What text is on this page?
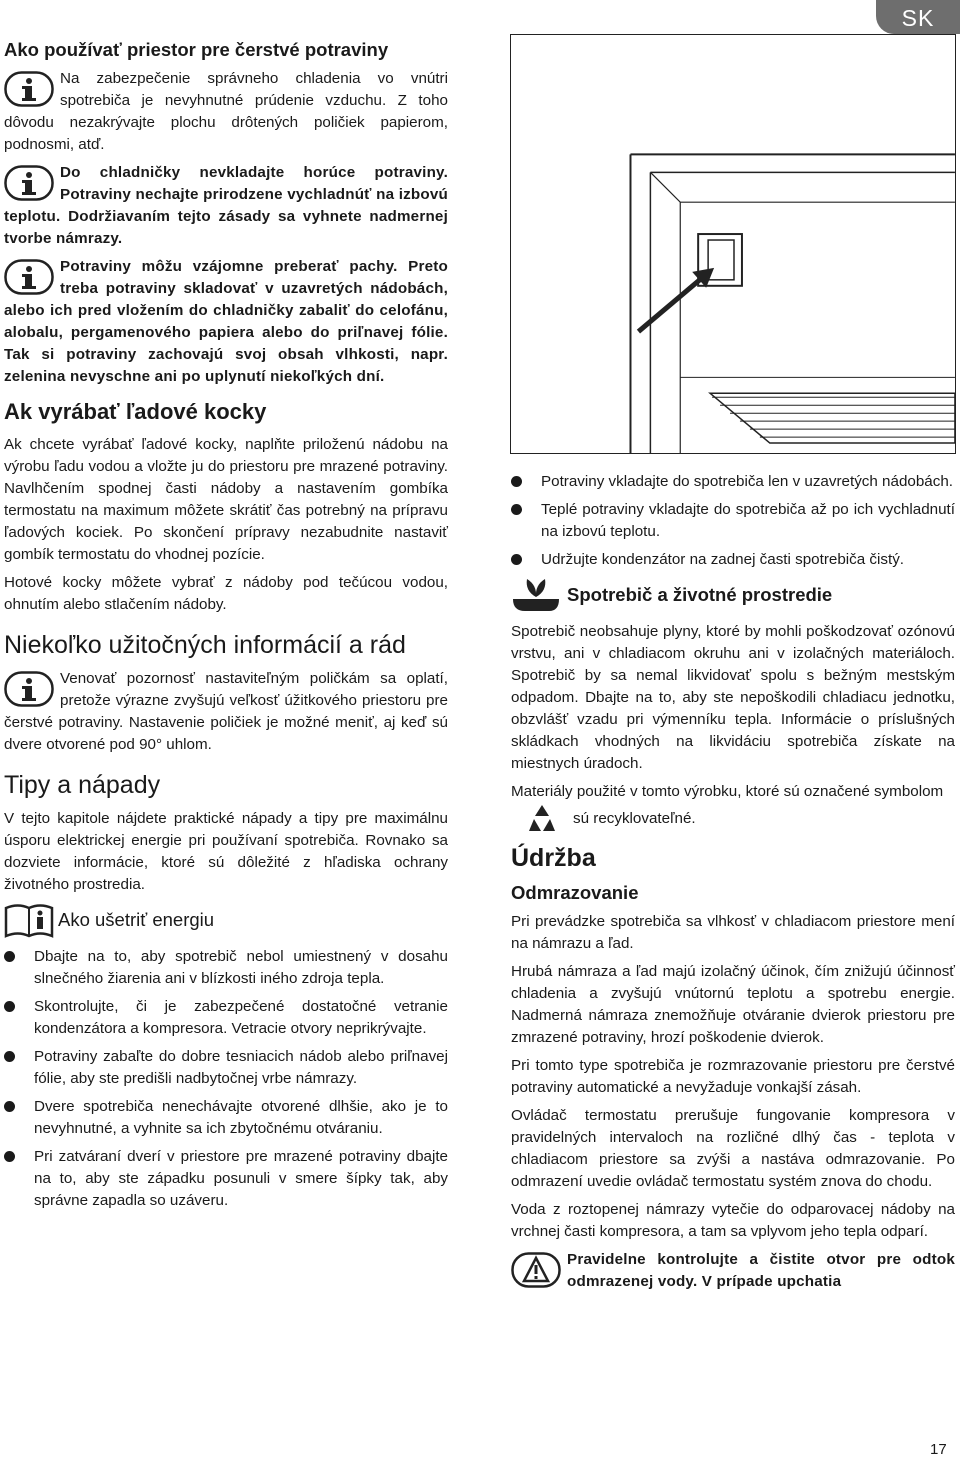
SK
Ako používať priestor pre čerstvé potraviny

Na zabezpečenie správneho chladenia vo vnútri spotrebiča je nevyhnutné prúdenie vzduchu. Z toho dôvodu nezakrývajte plochu drôtených poličiek papierom, podnosmi, atď.

Do chladničky nevkladajte horúce potraviny. Potraviny nechajte prirodzene vychladnúť na izbovú teplotu. Dodržiavaním tejto zásady sa vyhnete nadmernej tvorbe námrazy.

Potraviny môžu vzájomne preberať pachy. Preto treba potraviny skladovať v uzavretých nádobách, alebo ich pred vložením do chladničky zabaliť do celofánu, alobalu, pergamenového papiera alebo do priľnavej fólie. Tak si potraviny zachovajú svoj obsah vlhkosti, napr. zelenina nevyschne ani po uplynutí niekoľkých dní.

Ak vyrábať ľadové kocky

Ak chcete vyrábať ľadové kocky, naplňte priloženú nádobu na výrobu ľadu vodou a vložte ju do priestoru pre mrazené potraviny. Navlhčením spodnej časti nádoby a nastavením gombíka termostatu na maximum môžete skrátiť čas potrebný na prípravu ľadových kociek. Po skončení prípravy nezabudnite nastaviť gombík termostatu do vhodnej pozície.

Hotové kocky môžete vybrať z nádoby pod tečúcou vodou, ohnutím alebo stlačením nádoby.

Niekoľko užitočných informácií a rád

Venovať pozornosť nastaviteľným poličkám sa oplatí, pretože výrazne zvyšujú veľkosť úžitkového priestoru pre čerstvé potraviny. Nastavenie poličiek je možné meniť, aj keď sú dvere otvorené pod 90° uhlom.

Tipy a nápady

V tejto kapitole nájdete praktické nápady a tipy pre maximálnu úsporu elektrickej energie pri používaní spotrebiča. Rovnako sa dozviete informácie, ktoré sú dôležité z hľadiska ochrany životného prostredia.

Ako ušetriť energiu
Dbajte na to, aby spotrebič nebol umiestnený v dosahu slnečného žiarenia ani v blízkosti iného zdroja tepla.
Skontrolujte, či je zabezpečené dostatočné vetranie kondenzátora a kompresora. Vetracie otvory neprikrývajte.
Potraviny zabaľte do dobre tesniacich nádob alebo priľnavej fólie, aby ste predišli nadbytočnej vrbe námrazy.
Dvere spotrebiča nenechávajte otvorené dlhšie, ako je to nevyhnutné, a vyhnite sa ich zbytočnému otváraniu.
Pri zatváraní dverí v priestore pre mrazené potraviny dbajte na to, aby ste západku posunuli v smere šípky tak, aby správne zapadla so uzáveru.
Potraviny vkladajte do spotrebiča len v uzavretých nádobách.
Teplé potraviny vkladajte do spotrebiča až po ich vychladnutí na izbovú teplotu.
Udržujte kondenzátor na zadnej časti spotrebiča čistý.
Spotrebič a životné prostredie

Spotrebič neobsahuje plyny, ktoré by mohli poškodzovať ozónovú vrstvu, ani v chladiacom okruhu ani v izolačných materiáloch. Spotrebič by sa nemal likvidovať spolu s bežným mestským odpadom. Dbajte na to, aby ste nepoškodili chladiacu jednotku, obzvlášť vzadu pri výmenníku tepla. Informácie o príslušných skládkach vhodných na likvidáciu spotrebiča získate na miestnych úradoch.

Materiály použité v tomto výrobku, ktoré sú označené symbolom

sú recyklovateľné.
Údržba
Odmrazovanie

Pri prevádzke spotrebiča sa vlhkosť v chladiacom priestore mení na námrazu a ľad.

Hrubá námraza a ľad majú izolačný účinok, čím znižujú účinnosť chladenia a zvyšujú vnútornú teplotu a spotrebu energie. Nadmerná námraza znemožňuje otváranie dvierok priestoru pre zmrazené potraviny, hrozí poškodenie dvierok.

Pri tomto type spotrebiča je rozmrazovanie priestoru pre čerstvé potraviny automatické a nevyžaduje vonkajší zásah.

Ovládač termostatu prerušuje fungovanie kompresora v pravidelných intervaloch na rozličné dlhý čas - teplota v chladiacom priestore sa zvýši a nastáva odmrazovanie. Po odmrazení uvedie ovládač termostatu systém znova do chodu.

Voda z roztopenej námrazy vytečie do odparovacej nádoby na vrchnej časti kompresora, a tam sa vplyvom jeho tepla odparí.

Pravidelne kontrolujte a čistite otvor pre odtok odmrazenej vody. V prípade upchatia

17
